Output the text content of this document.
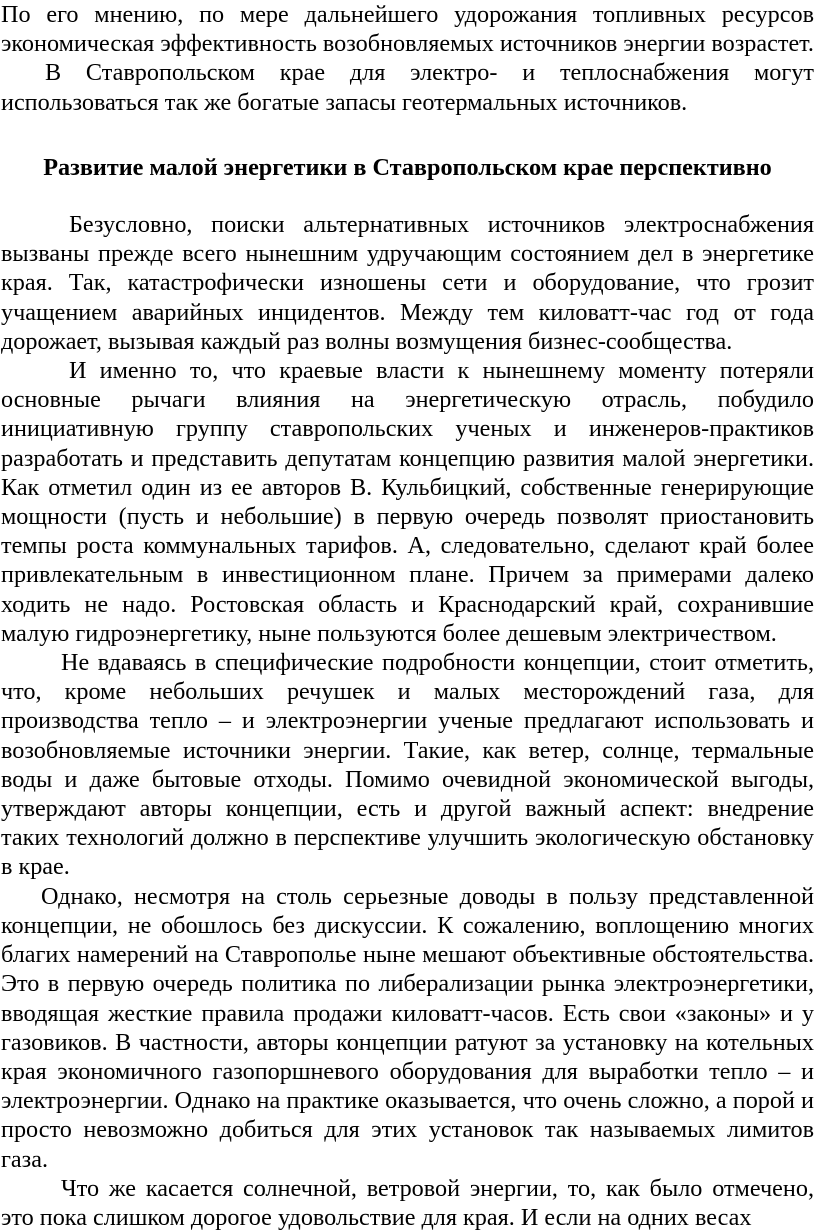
По его мнению, по мере дальнейшего удорожания топливных ресурсов экономическая эффективность возобновляемых источников энергии возрастет.

В Ставропольском крае для электро- и теплоснабжения могут использоваться так же богатые запасы геотермальных источников.

Развитие малой энергетики в Ставропольском крае перспективно

Безусловно, поиски альтернативных источников электроснабжения вызваны прежде всего нынешним удручающим состоянием дел в энергетике края. Так, катастрофически изношены сети и оборудование, что грозит учащением аварийных инцидентов. Между тем киловатт-час год от года дорожает, вызывая каждый раз волны возмущения бизнес-сообщества.

И именно то, что краевые власти к нынешнему моменту потеряли основные рычаги влияния на энергетическую отрасль, побудило инициативную группу ставропольских ученых и инженеров-практиков разработать и представить депутатам концепцию развития малой энергетики. Как отметил один из ее авторов В. Кульбицкий, собственные генерирующие мощности (пусть и небольшие) в первую очередь позволят приостановить темпы роста коммунальных тарифов. А, следовательно, сделают край более привлекательным в инвестиционном плане. Причем за примерами далеко ходить не надо. Ростовская область и Краснодарский край, сохранившие малую гидроэнергетику, ныне пользуются более дешевым электричеством.

Не вдаваясь в специфические подробности концепции, стоит отметить, что, кроме небольших речушек и малых месторождений газа, для производства тепло – и электроэнергии ученые предлагают использовать и возобновляемые источники энергии. Такие, как ветер, солнце, термальные воды и даже бытовые отходы. Помимо очевидной экономической выгоды, утверждают авторы концепции, есть и другой важный аспект: внедрение таких технологий должно в перспективе улучшить экологическую обстановку в крае.

Однако, несмотря на столь серьезные доводы в пользу представленной концепции, не обошлось без дискуссии. К сожалению, воплощению многих благих намерений на Ставрополье ныне мешают объективные обстоятельства. Это в первую очередь политика по либерализации рынка электроэнергетики, вводящая жесткие правила продажи киловатт-часов. Есть свои «законы» и у газовиков. В частности, авторы концепции ратуют за установку на котельных края экономичного газопоршневого оборудования для выработки тепло – и электроэнергии. Однако на практике оказывается, что очень сложно, а порой и просто невозможно добиться для этих установок так называемых лимитов газа.

Что же касается солнечной, ветровой энергии, то, как было отмечено, это пока слишком дорогое удовольствие для края. И если на одних весах
